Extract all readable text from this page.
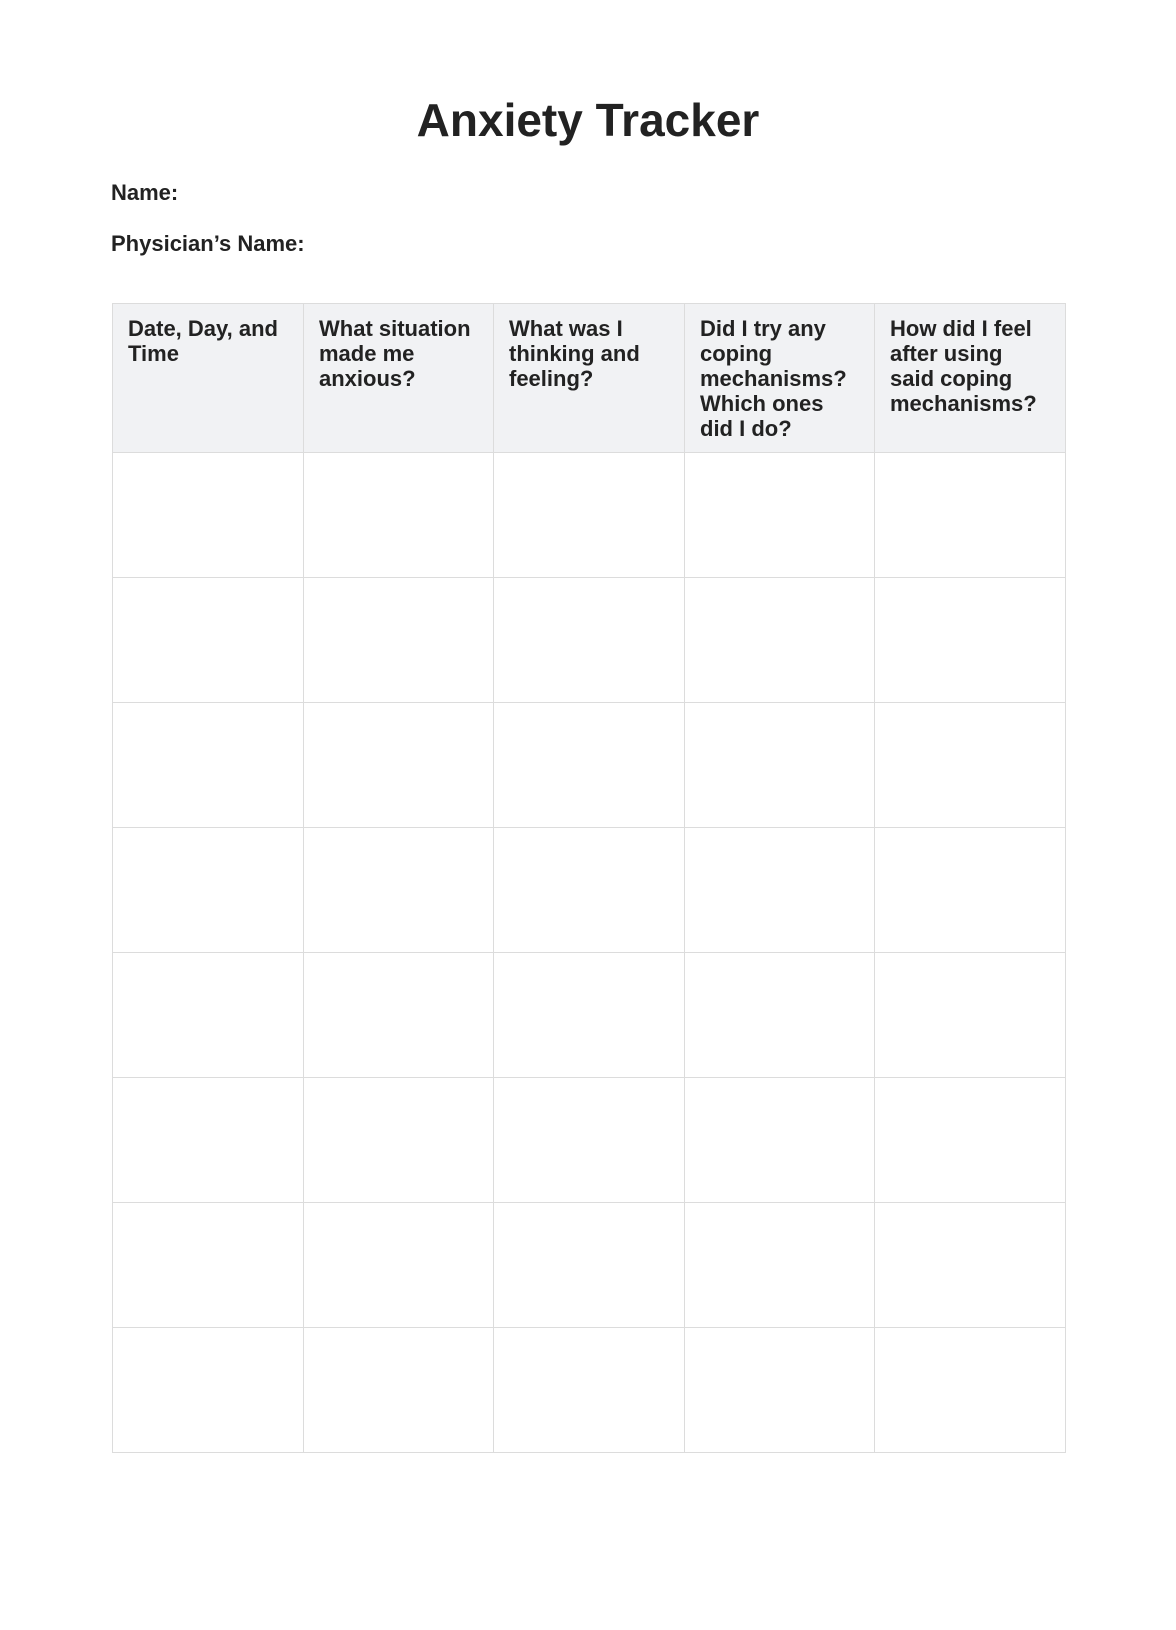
Anxiety Tracker
Name:
Physician’s Name:
Date, Day, and Time	What situation made me anxious?	What was I thinking and feeling?	Did I try any coping mechanisms? Which ones did I do?	How did I feel after using said coping mechanisms?
